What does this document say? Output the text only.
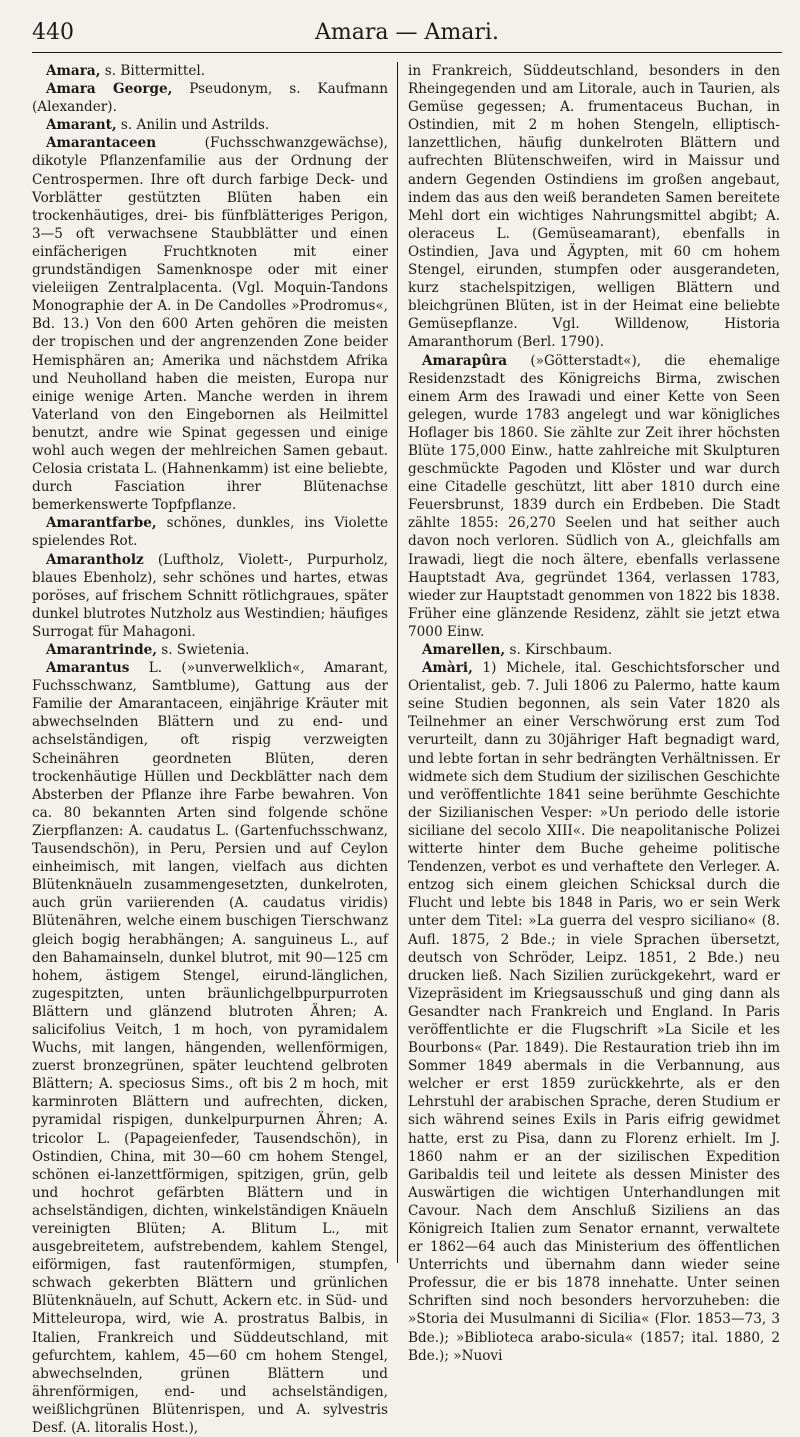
440	Amara — Amari.

Amara, s. Bittermittel.

Amara George, Pseudonym, s. Kaufmann (Alexander).

Amarant, s. Anilin und Astrilds.

Amarantaceen (Fuchsschwanzgewächse), dikotyle Pflanzenfamilie aus der Ordnung der Centrospermen. Ihre oft durch farbige Deck- und Vorblätter gestützten Blüten haben ein trockenhäutiges, drei- bis fünfblätteriges Perigon, 3—5 oft verwachsene Staubblätter und einen einfächerigen Fruchtknoten mit einer grundständigen Samenknospe oder mit einer vieleiigen Zentralplacenta. (Vgl. Moquin-Tandons Monographie der A. in De Candolles »Prodromus«, Bd. 13.) Von den 600 Arten gehören die meisten der tropischen und der angrenzenden Zone beider Hemisphären an; Amerika und nächstdem Afrika und Neuholland haben die meisten, Europa nur einige wenige Arten. Manche werden in ihrem Vaterland von den Eingebornen als Heilmittel benutzt, andre wie Spinat gegessen und einige wohl auch wegen der mehlreichen Samen gebaut. Celosia cristata L. (Hahnenkamm) ist eine beliebte, durch Fasciation ihrer Blütenachse bemerkenswerte Topfpflanze.

Amarantfarbe, schönes, dunkles, ins Violette spielendes Rot.

Amarantholz (Luftholz, Violett-, Purpurholz, blaues Ebenholz), sehr schönes und hartes, etwas poröses, auf frischem Schnitt rötlichgraues, später dunkel blutrotes Nutzholz aus Westindien; häufiges Surrogat für Mahagoni.

Amarantrinde, s. Swietenia.

Amarantus L. (»unverwelklich«, Amarant, Fuchsschwanz, Samtblume), Gattung aus der Familie der Amarantaceen, einjährige Kräuter mit abwechselnden Blättern und zu end- und achselständigen, oft rispig verzweigten Scheinähren geordneten Blüten, deren trockenhäutige Hüllen und Deckblätter nach dem Absterben der Pflanze ihre Farbe bewahren. Von ca. 80 bekannten Arten sind folgende schöne Zierpflanzen: A. caudatus L. (Gartenfuchsschwanz, Tausendschön), in Peru, Persien und auf Ceylon einheimisch, mit langen, vielfach aus dichten Blütenknäueln zusammengesetzten, dunkelroten, auch grün variierenden (A. caudatus viridis) Blütenähren, welche einem buschigen Tierschwanz gleich bogig herabhängen; A. sanguineus L., auf den Bahamainseln, dunkel blutrot, mit 90—125 cm hohem, ästigem Stengel, eirund-länglichen, zugespitzten, unten bräunlichgelbpurpurroten Blättern und glänzend blutroten Ähren; A. salicifolius Veitch, 1 m hoch, von pyramidalem Wuchs, mit langen, hängenden, wellenförmigen, zuerst bronzegrünen, später leuchtend gelbroten Blättern; A. speciosus Sims., oft bis 2 m hoch, mit karminroten Blättern und aufrechten, dicken, pyramidal rispigen, dunkelpurpurnen Ähren; A. tricolor L. (Papageienfeder, Tausendschön), in Ostindien, China, mit 30—60 cm hohem Stengel, schönen ei-lanzettförmigen, spitzigen, grün, gelb und hochrot gefärbten Blättern und in achselständigen, dichten, winkelständigen Knäueln vereinigten Blüten; A. Blitum L., mit ausgebreitetem, aufstrebendem, kahlem Stengel, eiförmigen, fast rautenförmigen, stumpfen, schwach gekerbten Blättern und grünlichen Blütenknäueln, auf Schutt, Ackern etc. in Süd- und Mitteleuropa, wird, wie A. prostratus Balbis, in Italien, Frankreich und Süddeutschland, mit gefurchtem, kahlem, 45—60 cm hohem Stengel, abwechselnden, grünen Blättern und ährenförmigen, end- und achselständigen, weißlichgrünen Blütenrispen, und A. sylvestris Desf. (A. litoralis Host.),

in Frankreich, Süddeutschland, besonders in den Rheingegenden und am Litorale, auch in Taurien, als Gemüse gegessen; A. frumentaceus Buchan, in Ostindien, mit 2 m hohen Stengeln, elliptisch-lanzettlichen, häufig dunkelroten Blättern und aufrechten Blütenschweifen, wird in Maissur und andern Gegenden Ostindiens im großen angebaut, indem das aus den weiß berandeten Samen bereitete Mehl dort ein wichtiges Nahrungsmittel abgibt; A. oleraceus L. (Gemüseamarant), ebenfalls in Ostindien, Java und Ägypten, mit 60 cm hohem Stengel, eirunden, stumpfen oder ausgerandeten, kurz stachelspitzigen, welligen Blättern und bleichgrünen Blüten, ist in der Heimat eine beliebte Gemüsepflanze. Vgl. Willdenow, Historia Amaranthorum (Berl. 1790).

Amarapûra (»Götterstadt«), die ehemalige Residenzstadt des Königreichs Birma, zwischen einem Arm des Irawadi und einer Kette von Seen gelegen, wurde 1783 angelegt und war königliches Hoflager bis 1860. Sie zählte zur Zeit ihrer höchsten Blüte 175,000 Einw., hatte zahlreiche mit Skulpturen geschmückte Pagoden und Klöster und war durch eine Citadelle geschützt, litt aber 1810 durch eine Feuersbrunst, 1839 durch ein Erdbeben. Die Stadt zählte 1855: 26,270 Seelen und hat seither auch davon noch verloren. Südlich von A., gleichfalls am Irawadi, liegt die noch ältere, ebenfalls verlassene Hauptstadt Ava, gegründet 1364, verlassen 1783, wieder zur Hauptstadt genommen von 1822 bis 1838. Früher eine glänzende Residenz, zählt sie jetzt etwa 7000 Einw.

Amarellen, s. Kirschbaum.

Amàri, 1) Michele, ital. Geschichtsforscher und Orientalist, geb. 7. Juli 1806 zu Palermo, hatte kaum seine Studien begonnen, als sein Vater 1820 als Teilnehmer an einer Verschwörung erst zum Tod verurteilt, dann zu 30jähriger Haft begnadigt ward, und lebte fortan in sehr bedrängten Verhältnissen. Er widmete sich dem Studium der sizilischen Geschichte und veröffentlichte 1841 seine berühmte Geschichte der Sizilianischen Vesper: »Un periodo delle istorie siciliane del secolo XIII«. Die neapolitanische Polizei witterte hinter dem Buche geheime politische Tendenzen, verbot es und verhaftete den Verleger. A. entzog sich einem gleichen Schicksal durch die Flucht und lebte bis 1848 in Paris, wo er sein Werk unter dem Titel: »La guerra del vespro siciliano« (8. Aufl. 1875, 2 Bde.; in viele Sprachen übersetzt, deutsch von Schröder, Leipz. 1851, 2 Bde.) neu drucken ließ. Nach Sizilien zurückgekehrt, ward er Vizepräsident im Kriegsausschuß und ging dann als Gesandter nach Frankreich und England. In Paris veröffentlichte er die Flugschrift »La Sicile et les Bourbons« (Par. 1849). Die Restauration trieb ihn im Sommer 1849 abermals in die Verbannung, aus welcher er erst 1859 zurückkehrte, als er den Lehrstuhl der arabischen Sprache, deren Studium er sich während seines Exils in Paris eifrig gewidmet hatte, erst zu Pisa, dann zu Florenz erhielt. Im J. 1860 nahm er an der sizilischen Expedition Garibaldis teil und leitete als dessen Minister des Auswärtigen die wichtigen Unterhandlungen mit Cavour. Nach dem Anschluß Siziliens an das Königreich Italien zum Senator ernannt, verwaltete er 1862—64 auch das Ministerium des öffentlichen Unterrichts und übernahm dann wieder seine Professur, die er bis 1878 innehatte. Unter seinen Schriften sind noch besonders hervorzuheben: die »Storia dei Musulmanni di Sicilia« (Flor. 1853—73, 3 Bde.); »Biblioteca arabo-sicula« (1857; ital. 1880, 2 Bde.); »Nuovi
